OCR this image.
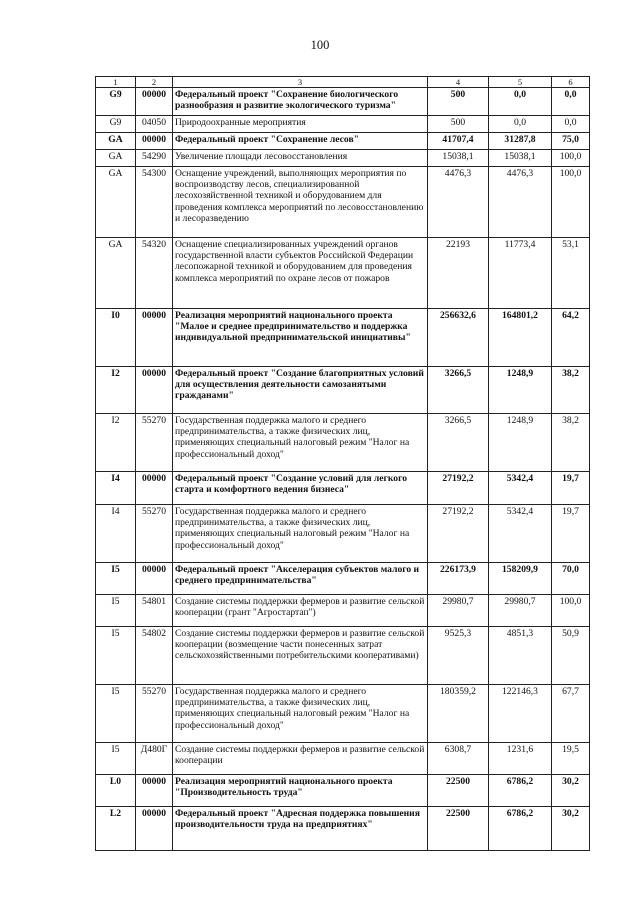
100
1	2	3	4	5	6
G9	00000	Федеральный проект "Сохранение биологического разнообразия и развитие экологического туризма"	500	0,0	0,0
G9	04050	Природоохранные мероприятия	500	0,0	0,0
GA	00000	Федеральный проект "Сохранение лесов"	41707,4	31287,8	75,0
GA	54290	Увеличение площади лесовосстановления	15038,1	15038,1	100,0
GA	54300	Оснащение учреждений, выполняющих мероприятия по воспроизводству лесов, специализированной лесохозяйственной техникой и оборудованием для проведения комплекса мероприятий по лесовосстановлению и лесоразведению	4476,3	4476,3	100,0
GA	54320	Оснащение специализированных учреждений органов государственной власти субъектов Российской Федерации лесопожарной техникой и оборудованием для проведения комплекса мероприятий по охране лесов от пожаров	22193	11773,4	53,1
I0	00000	Реализация мероприятий национального проекта "Малое и среднее предпринимательство и поддержка индивидуальной предпринимательской инициативы"	256632,6	164801,2	64,2
I2	00000	Федеральный проект "Создание благоприятных условий для осуществления деятельности самозанятыми гражданами"	3266,5	1248,9	38,2
I2	55270	Государственная поддержка малого и среднего предпринимательства, а также физических лиц, применяющих специальный налоговый режим "Налог на профессиональный доход"	3266,5	1248,9	38,2
I4	00000	Федеральный проект "Создание условий для легкого старта и комфортного ведения бизнеса"	27192,2	5342,4	19,7
I4	55270	Государственная поддержка малого и среднего предпринимательства, а также физических лиц, применяющих специальный налоговый режим "Налог на профессиональный доход"	27192,2	5342,4	19,7
I5	00000	Федеральный проект "Акселерация субъектов малого и среднего предпринимательства"	226173,9	158209,9	70,0
I5	54801	Создание системы поддержки фермеров и развитие сельской кооперации (грант "Агростартап")	29980,7	29980,7	100,0
I5	54802	Создание системы поддержки фермеров и развитие сельской кооперации (возмещение части понесенных затрат сельскохозяйственными потребительскими кооперативами)	9525,3	4851,3	50,9
I5	55270	Государственная поддержка малого и среднего предпринимательства, а также физических лиц, применяющих специальный налоговый режим "Налог на профессиональный доход"	180359,2	122146,3	67,7
I5	Д480Г	Создание системы поддержки фермеров и развитие сельской кооперации	6308,7	1231,6	19,5
L0	00000	Реализация мероприятий национального проекта "Производительность труда"	22500	6786,2	30,2
L2	00000	Федеральный проект "Адресная поддержка повышения производительности труда на предприятиях"	22500	6786,2	30,2
